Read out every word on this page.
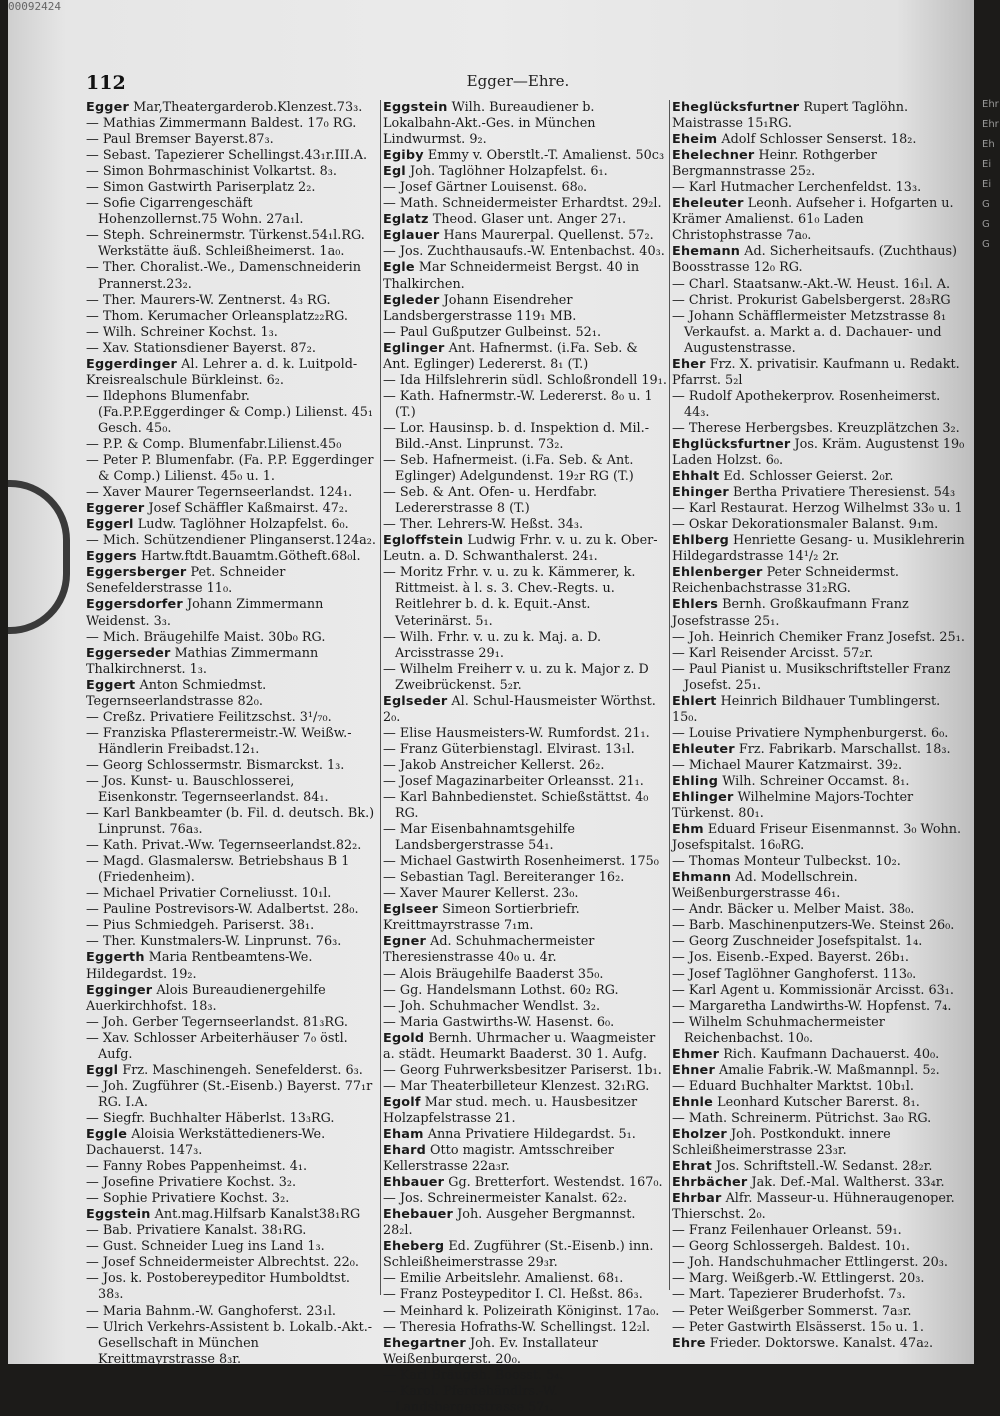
00092424
112	Egger—Ehre.
Egger Mar,Theatergarderob.Klenzest.73₃.
— Mathias Zimmermann Baldest. 17₀ RG.
— Paul Bremser Bayerst.87₃.
— Sebast. Tapezierer Schellingst.43₁r.III.A.
— Simon Bohrmaschinist Volkartst. 8₃.
— Simon Gastwirth Pariserplatz 2₂.
— Sofie Cigarrengeschäft Hohenzollernst.75 Wohn. 27a₁l.
— Steph. Schreinermstr. Türkenst.54₁l.RG. Werkstätte äuß. Schleißheimerst. 1a₀.
— Ther. Choralist.-We., Damenschneiderin Prannerst.23₂.
— Ther. Maurers-W. Zentnerst. 4₃ RG.
— Thom. Kerumacher Orleansplatz₂₂RG.
— Wilh. Schreiner Kochst. 1₃.
— Xav. Stationsdiener Bayerst. 87₂.
Eggerdinger Al. Lehrer a. d. k. Luitpold-Kreisrealschule Bürkleinst. 6₂.
— Ildephons Blumenfabr.(Fa.P.P.Eggerdinger & Comp.) Lilienst. 45₁ Gesch. 45₀.
— P.P. & Comp. Blumenfabr.Lilienst.45₀
— Peter P. Blumenfabr. (Fa. P.P. Eggerdinger & Comp.) Lilienst. 45₀ u. 1.
— Xaver Maurer Tegernseerlandst. 124₁.
Eggerer Josef Schäffler Kaßmairst. 47₂.
Eggerl Ludw. Taglöhner Holzapfelst. 6₀.
— Mich. Schützendiener Plinganserst.124a₂.
Eggers Hartw.ftdt.Bauamtm.Götheft.68₀l.
Eggersberger Pet. Schneider Senefelderstrasse 11₀.
Eggersdorfer Johann Zimmermann Weidenst. 3₃.
— Mich. Bräugehilfe Maist. 30b₀ RG.
Eggerseder Mathias Zimmermann Thalkirchnerst. 1₃.
Eggert Anton Schmiedmst. Tegernseerlandstrasse 82₀.
— Creßz. Privatiere Feilitzschst. 3¹/₇₀.
— Franziska Pflasterermeistr.-W. Weißw.-Händlerin Freibadst.12₁.
— Georg Schlossermstr. Bismarckst. 1₃.
— Jos. Kunst- u. Bauschlosserei, Eisenkonstr. Tegernseerlandst. 84₁.
— Karl Bankbeamter (b. Fil. d. deutsch. Bk.) Linprunst. 76a₃.
— Kath. Privat.-Ww. Tegernseerlandst.82₂.
— Magd. Glasmalersw. Betriebshaus B 1 (Friedenheim).
— Michael Privatier Corneliusst. 10₁l.
— Pauline Postrevisors-W. Adalbertst. 28₀.
— Pius Schmiedgeh. Pariserst. 38₁.
— Ther. Kunstmalers-W. Linprunst. 76₃.
Eggerth Maria Rentbeamtens-We. Hildegardst. 19₂.
Egginger Alois Bureaudienergehilfe Auerkirchhofst. 18₃.
— Joh. Gerber Tegernseerlandst. 81₃RG.
— Xav. Schlosser Arbeiterhäuser 7₀ östl. Aufg.
Eggl Frz. Maschinengeh. Senefelderst. 6₃.
— Joh. Zugführer (St.-Eisenb.) Bayerst. 77₁r RG. I.A.
— Siegfr. Buchhalter Häberlst. 13₃RG.
Eggle Aloisia Werkstättedieners-We. Dachauerst. 147₃.
— Fanny Robes Pappenheimst. 4₁.
— Josefine Privatiere Kochst. 3₂.
— Sophie Privatiere Kochst. 3₂.
Eggstein Ant.mag.Hilfsarb Kanalst38₁RG
— Bab. Privatiere Kanalst. 38₁RG.
— Gust. Schneider Lueg ins Land 1₃.
— Josef Schneidermeister Albrechtst. 22₀.
— Jos. k. Postobereypeditor Humboldtst. 38₃.
— Maria Bahnm.-W. Ganghoferst. 23₁l.
— Ulrich Verkehrs-Assistent b. Lokalb.-Akt.-Gesellschaft in München Kreittmayrstrasse 8₃r.
Eggstein Wilh. Bureaudiener b. Lokalbahn-Akt.-Ges. in München Lindwurmst. 9₂.
Egiby Emmy v. Oberstlt.-T. Amalienst. 50c₃
Egl Joh. Taglöhner Holzapfelst. 6₁.
— Josef Gärtner Louisenst. 68₀.
— Math. Schneidermeister Erhardtst. 29₂l.
Eglatz Theod. Glaser unt. Anger 27₁.
Eglauer Hans Maurerpal. Quellenst. 57₂.
— Jos. Zuchthausaufs.-W. Entenbachst. 40₃.
Egle Mar Schneidermeist Bergst. 40 in Thalkirchen.
Egleder Johann Eisendreher Landsbergerstrasse 119₁ MB.
— Paul Gußputzer Gulbeinst. 52₁.
Eglinger Ant. Hafnermst. (i.Fa. Seb. & Ant. Eglinger) Ledererst. 8₁ (T.)
— Ida Hilfslehrerin südl. Schloßrondell 19₁.
— Kath. Hafnermstr.-W. Ledererst. 8₀ u. 1 (T.)
— Lor. Hausinsp. b. d. Inspektion d. Mil.-Bild.-Anst. Linprunst. 73₂.
— Seb. Hafnermeist. (i.Fa. Seb. & Ant. Eglinger) Adelgundenst. 19₂r RG (T.)
— Seb. & Ant. Ofen- u. Herdfabr. Ledererstrasse 8 (T.)
— Ther. Lehrers-W. Heßst. 34₃.
Egloffstein Ludwig Frhr. v. u. zu k. Ober-Leutn. a. D. Schwanthalerst. 24₁.
— Moritz Frhr. v. u. zu k. Kämmerer, k. Rittmeist. à l. s. 3. Chev.-Regts. u. Reitlehrer b. d. k. Equit.-Anst. Veterinärst. 5₁.
— Wilh. Frhr. v. u. zu k. Maj. a. D. Arcisstrasse 29₁.
— Wilhelm Freiherr v. u. zu k. Major z. D Zweibrückenst. 5₂r.
Eglseder Al. Schul-Hausmeister Wörthst. 2₀.
— Elise Hausmeisters-W. Rumfordst. 21₁.
— Franz Güterbienstagl. Elvirast. 13₁l.
— Jakob Anstreicher Kellerst. 26₂.
— Josef Magazinarbeiter Orleansst. 21₁.
— Karl Bahnbedienstet. Schießstättst. 4₀ RG.
— Mar Eisenbahnamtsgehilfe Landsbergerstrasse 54₁.
— Michael Gastwirth Rosenheimerst. 175₀
— Sebastian Tagl. Bereiteranger 16₂.
— Xaver Maurer Kellerst. 23₀.
Eglseer Simeon Sortierbriefr. Kreittmayrstrasse 7₁m.
Egner Ad. Schuhmachermeister Theresienstrasse 40₀ u. 4r.
— Alois Bräugehilfe Baaderst 35₀.
— Gg. Handelsmann Lothst. 60₂ RG.
— Joh. Schuhmacher Wendlst. 3₂.
— Maria Gastwirths-W. Hasenst. 6₀.
Egold Bernh. Uhrmacher u. Waagmeister a. städt. Heumarkt Baaderst. 30 1. Aufg.
— Georg Fuhrwerksbesitzer Pariserst. 1b₁.
— Mar Theaterbilleteur Klenzest. 32₁RG.
Egolf Mar stud. mech. u. Hausbesitzer Holzapfelstrasse 21.
Eham Anna Privatiere Hildegardst. 5₁.
Ehard Otto magistr. Amtsschreiber Kellerstrasse 22a₃r.
Ehbauer Gg. Bretterfort. Westendst. 167₀.
— Jos. Schreinermeister Kanalst. 62₂.
Ehebauer Joh. Ausgeher Bergmannst. 28₂l.
Eheberg Ed. Zugführer (St.-Eisenb.) inn. Schleißheimerstrasse 29₃r.
— Emilie Arbeitslehr. Amalienst. 68₁.
— Franz Posteypeditor I. Cl. Heßst. 86₃.
— Meinhard k. Polizeirath Königinst. 17a₀.
— Theresia Hofraths-W. Schellingst. 12₂l.
Ehegartner Joh. Ev. Installateur Weißenburgerst. 20₀.
— Karl Bräugeh. Boosst. 5₄.
— Karol. Pferdehändlrs.-W. Landsbergerstrasse 57₁.
Eheglücksfurtner Rupert Taglöhn. Maistrasse 15₁RG.
Eheim Adolf Schlosser Senserst. 18₂.
Ehelechner Heinr. Rothgerber Bergmannstrasse 25₂.
— Karl Hutmacher Lerchenfeldst. 13₃.
Eheleuter Leonh. Aufseher i. Hofgarten u. Krämer Amalienst. 61₀ Laden Christophstrasse 7a₀.
Ehemann Ad. Sicherheitsaufs. (Zuchthaus) Boosstrasse 12₀ RG.
— Charl. Staatsanw.-Akt.-W. Heust. 16₁l. A.
— Christ. Prokurist Gabelsbergerst. 28₃RG
— Johann Schäfflermeister Metzstrasse 8₁ Verkaufst. a. Markt a. d. Dachauer- und Augustenstrasse.
Eher Frz. X. privatisir. Kaufmann u. Redakt. Pfarrst. 5₂l
— Rudolf Apothekerprov. Rosenheimerst. 44₃.
— Therese Herbergsbes. Kreuzplätzchen 3₂.
Ehglücksfurtner Jos. Kräm. Augustenst 19₀ Laden Holzst. 6₀.
Ehhalt Ed. Schlosser Geierst. 2₀r.
Ehinger Bertha Privatiere Theresienst. 54₃
— Karl Restaurat. Herzog Wilhelmst 33₀ u. 1
— Oskar Dekorationsmaler Balanst. 9₁m.
Ehlberg Henriette Gesang- u. Musiklehrerin Hildegardstrasse 14¹/₂ 2r.
Ehlenberger Peter Schneidermst. Reichenbachstrasse 31₂RG.
Ehlers Bernh. Großkaufmann Franz Josefstrasse 25₁.
— Joh. Heinrich Chemiker Franz Josefst. 25₁.
— Karl Reisender Arcisst. 57₂r.
— Paul Pianist u. Musikschriftsteller Franz Josefst. 25₁.
Ehlert Heinrich Bildhauer Tumblingerst. 15₀.
— Louise Privatiere Nymphenburgerst. 6₀.
Ehleuter Frz. Fabrikarb. Marschallst. 18₃.
— Michael Maurer Katzmairst. 39₂.
Ehling Wilh. Schreiner Occamst. 8₁.
Ehlinger Wilhelmine Majors-Tochter Türkenst. 80₁.
Ehm Eduard Friseur Eisenmannst. 3₀ Wohn. Josefspitalst. 16₀RG.
— Thomas Monteur Tulbeckst. 10₂.
Ehmann Ad. Modellschrein. Weißenburgerstrasse 46₁.
— Andr. Bäcker u. Melber Maist. 38₀.
— Barb. Maschinenputzers-We. Steinst 26₀.
— Georg Zuschneider Josefspitalst. 1₄.
— Jos. Eisenb.-Exped. Bayerst. 26b₁.
— Josef Taglöhner Ganghoferst. 113₀.
— Karl Agent u. Kommissionär Arcisst. 63₁.
— Margaretha Landwirths-W. Hopfenst. 7₄.
— Wilhelm Schuhmachermeister Reichenbachst. 10₀.
Ehmer Rich. Kaufmann Dachauerst. 40₀.
Ehner Amalie Fabrik.-W. Maßmannpl. 5₂.
— Eduard Buchhalter Marktst. 10b₁l.
Ehnle Leonhard Kutscher Barerst. 8₁.
— Math. Schreinerm. Pütrichst. 3a₀ RG.
Eholzer Joh. Postkondukt. innere Schleißheimerstrasse 23₃r.
Ehrat Jos. Schriftstell.-W. Sedanst. 28₂r.
Ehrbächer Jak. Def.-Mal. Waltherst. 33₄r.
Ehrbar Alfr. Masseur-u. Hühneraugenoper. Thierschst. 2₀.
— Franz Feilenhauer Orleanst. 59₁.
— Georg Schlossergeh. Baldest. 10₁.
— Joh. Handschuhmacher Ettlingerst. 20₃.
— Marg. Weißgerb.-W. Ettlingerst. 20₃.
— Mart. Tapezierer Bruderhofst. 7₃.
— Peter Weißgerber Sommerst. 7a₃r.
— Peter Gastwirth Elsässerst. 15₀ u. 1.
Ehre Frieder. Doktorswe. Kanalst. 47a₂.
Ehr
Ehr
Eh
Ei
Ei
G
G
G
